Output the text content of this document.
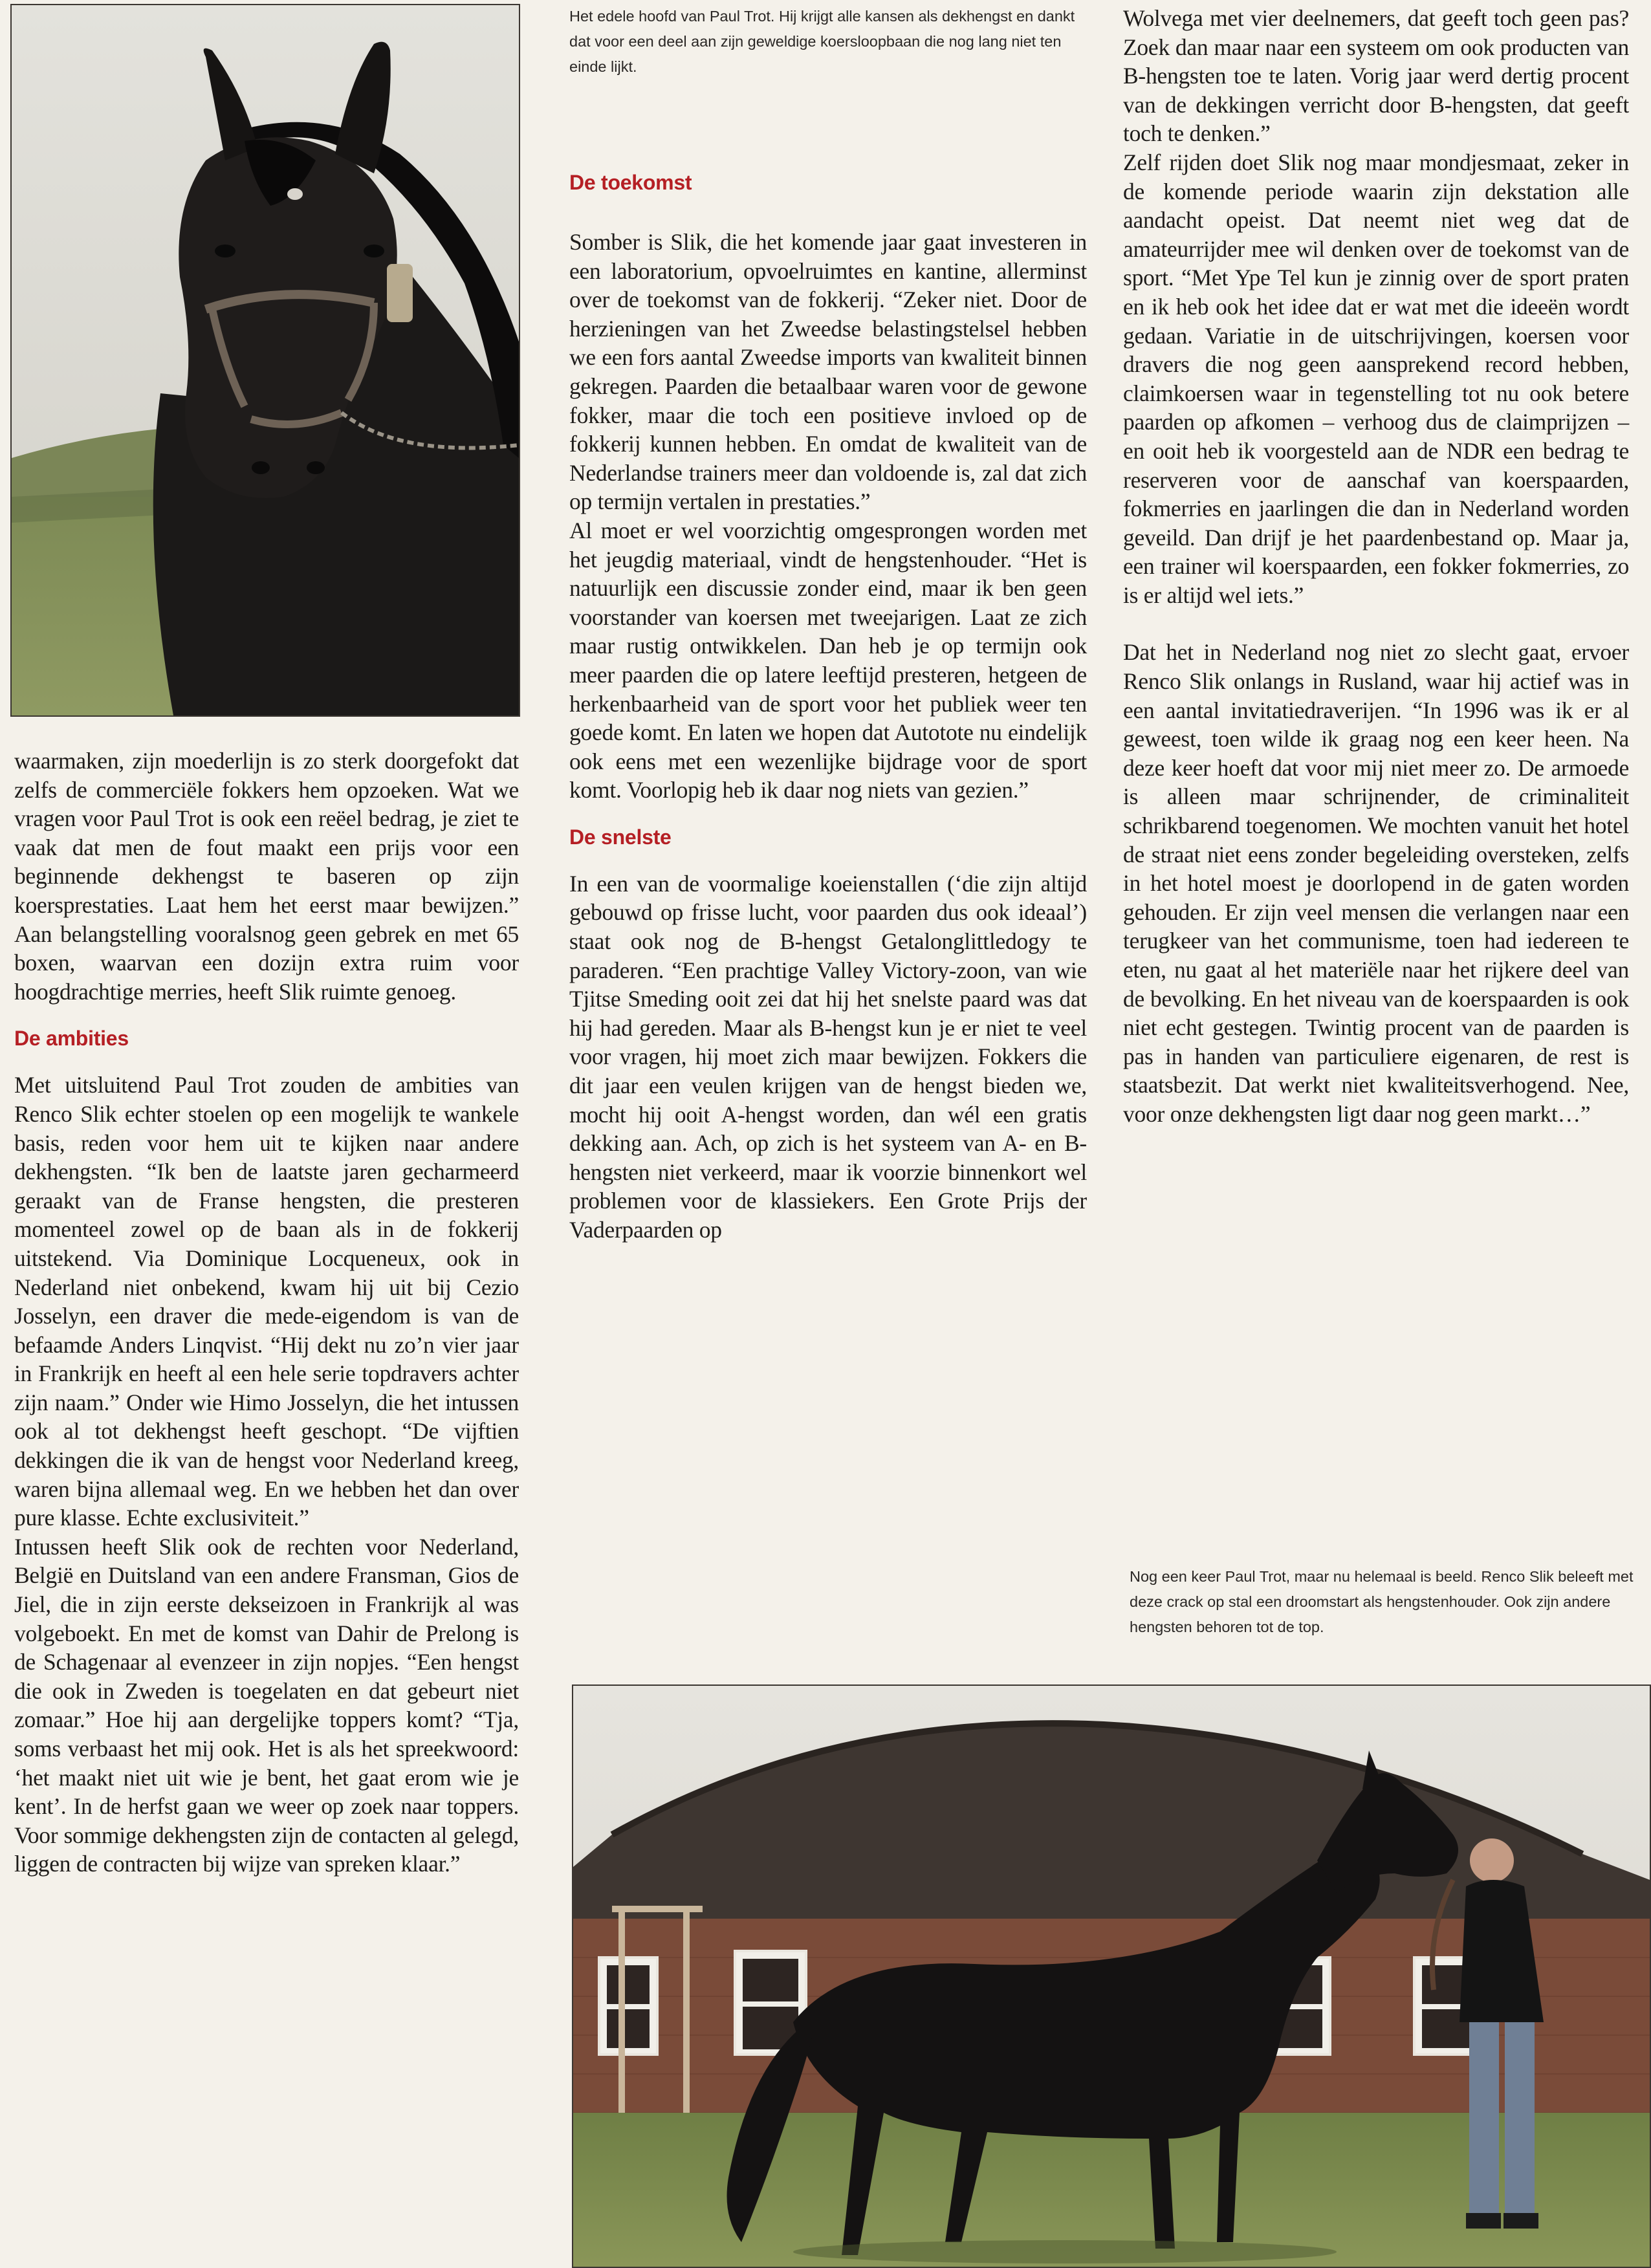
waarmaken, zijn moederlijn is zo sterk doorgefokt dat zelfs de commerciële fokkers hem opzoeken. Wat we vragen voor Paul Trot is ook een reëel bedrag, je ziet te vaak dat men de fout maakt een prijs voor een beginnende dekhengst te baseren op zijn koersprestaties. Laat hem het eerst maar bewijzen.” Aan belangstelling vooralsnog geen gebrek en met 65 boxen, waarvan een dozijn extra ruim voor hoogdrachtige merries, heeft Slik ruimte genoeg.

De ambities

Met uitsluitend Paul Trot zouden de ambities van Renco Slik echter stoelen op een mogelijk te wankele basis, reden voor hem uit te kijken naar andere dekhengsten. “Ik ben de laatste jaren gecharmeerd geraakt van de Franse hengsten, die presteren momenteel zowel op de baan als in de fokkerij uitstekend. Via Dominique Locqueneux, ook in Nederland niet onbekend, kwam hij uit bij Cezio Josselyn, een draver die mede-eigendom is van de befaamde Anders Linqvist. “Hij dekt nu zo’n vier jaar in Frankrijk en heeft al een hele serie topdravers achter zijn naam.” Onder wie Himo Josselyn, die het intussen ook al tot dekhengst heeft geschopt. “De vijftien dekkingen die ik van de hengst voor Nederland kreeg, waren bijna allemaal weg. En we hebben het dan over pure klasse. Echte exclusiviteit.”

Intussen heeft Slik ook de rechten voor Nederland, België en Duitsland van een andere Fransman, Gios de Jiel, die in zijn eerste dekseizoen in Frankrijk al was volgeboekt. En met de komst van Dahir de Prelong is de Schagenaar al evenzeer in zijn nopjes. “Een hengst die ook in Zweden is toegelaten en dat gebeurt niet zomaar.” Hoe hij aan dergelijke toppers komt? “Tja, soms verbaast het mij ook. Het is als het spreekwoord: ‘het maakt niet uit wie je bent, het gaat erom wie je kent’. In de herfst gaan we weer op zoek naar toppers. Voor sommige dekhengsten zijn de contacten al gelegd, liggen de contracten bij wijze van spreken klaar.”

Het edele hoofd van Paul Trot. Hij krijgt alle kansen als dekhengst en dankt dat voor een deel aan zijn geweldige koersloopbaan die nog lang niet ten einde lijkt.
De toekomst

Somber is Slik, die het komende jaar gaat investeren in een laboratorium, opvoelruimtes en kantine, allerminst over de toekomst van de fokkerij. “Zeker niet. Door de herzieningen van het Zweedse belastingstelsel hebben we een fors aantal Zweedse imports van kwaliteit binnen gekregen. Paarden die betaalbaar waren voor de gewone fokker, maar die toch een positieve invloed op de fokkerij kunnen hebben. En omdat de kwaliteit van de Nederlandse trainers meer dan voldoende is, zal dat zich op termijn vertalen in prestaties.”

Al moet er wel voorzichtig omgesprongen worden met het jeugdig materiaal, vindt de hengstenhouder. “Het is natuurlijk een discussie zonder eind, maar ik ben geen voorstander van koersen met tweejarigen. Laat ze zich maar rustig ontwikkelen. Dan heb je op termijn ook meer paarden die op latere leeftijd presteren, hetgeen de herkenbaarheid van de sport voor het publiek weer ten goede komt. En laten we hopen dat Autotote nu eindelijk ook eens met een wezenlijke bijdrage voor de sport komt. Voorlopig heb ik daar nog niets van gezien.”

De snelste

In een van de voormalige koeienstallen (‘die zijn altijd gebouwd op frisse lucht, voor paarden dus ook ideaal’) staat ook nog de B-hengst Getalonglittledogy te paraderen. “Een prachtige Valley Victory-zoon, van wie Tjitse Smeding ooit zei dat hij het snelste paard was dat hij had gereden. Maar als B-hengst kun je er niet te veel voor vragen, hij moet zich maar bewijzen. Fokkers die dit jaar een veulen krijgen van de hengst bieden we, mocht hij ooit A-hengst worden, dan wél een gratis dekking aan. Ach, op zich is het systeem van A- en B-hengsten niet verkeerd, maar ik voorzie binnenkort wel problemen voor de klassiekers. Een Grote Prijs der Vaderpaarden op

Wolvega met vier deelnemers, dat geeft toch geen pas? Zoek dan maar naar een systeem om ook producten van B-hengsten toe te laten. Vorig jaar werd dertig procent van de dekkingen verricht door B-hengsten, dat geeft toch te denken.”

Zelf rijden doet Slik nog maar mondjesmaat, zeker in de komende periode waarin zijn dekstation alle aandacht opeist. Dat neemt niet weg dat de amateurrijder mee wil denken over de toekomst van de sport. “Met Ype Tel kun je zinnig over de sport praten en ik heb ook het idee dat er wat met die ideeën wordt gedaan. Variatie in de uitschrijvingen, koersen voor dravers die nog geen aansprekend record hebben, claimkoersen waar in tegenstelling tot nu ook betere paarden op afkomen – verhoog dus de claimprijzen – en ooit heb ik voorgesteld aan de NDR een bedrag te reserveren voor de aanschaf van koerspaarden, fokmerries en jaarlingen die dan in Nederland worden geveild. Dan drijf je het paardenbestand op. Maar ja, een trainer wil koerspaarden, een fokker fokmerries, zo is er altijd wel iets.”

Dat het in Nederland nog niet zo slecht gaat, ervoer Renco Slik onlangs in Rusland, waar hij actief was in een aantal invitatiedraverijen. “In 1996 was ik er al geweest, toen wilde ik graag nog een keer heen. Na deze keer hoeft dat voor mij niet meer zo. De armoede is alleen maar schrijnender, de criminaliteit schrikbarend toegenomen. We mochten vanuit het hotel de straat niet eens zonder begeleiding oversteken, zelfs in het hotel moest je doorlopend in de gaten worden gehouden. Er zijn veel mensen die verlangen naar een terugkeer van het communisme, toen had iedereen te eten, nu gaat al het materiële naar het rijkere deel van de bevolking. En het niveau van de koerspaarden is ook niet echt gestegen. Twintig procent van de paarden is pas in handen van particuliere eigenaren, de rest is staatsbezit. Dat werkt niet kwaliteitsverhogend. Nee, voor onze dekhengsten ligt daar nog geen markt…”

Nog een keer Paul Trot, maar nu helemaal is beeld. Renco Slik beleeft met deze crack op stal een droomstart als hengstenhouder. Ook zijn andere hengsten behoren tot de top.
